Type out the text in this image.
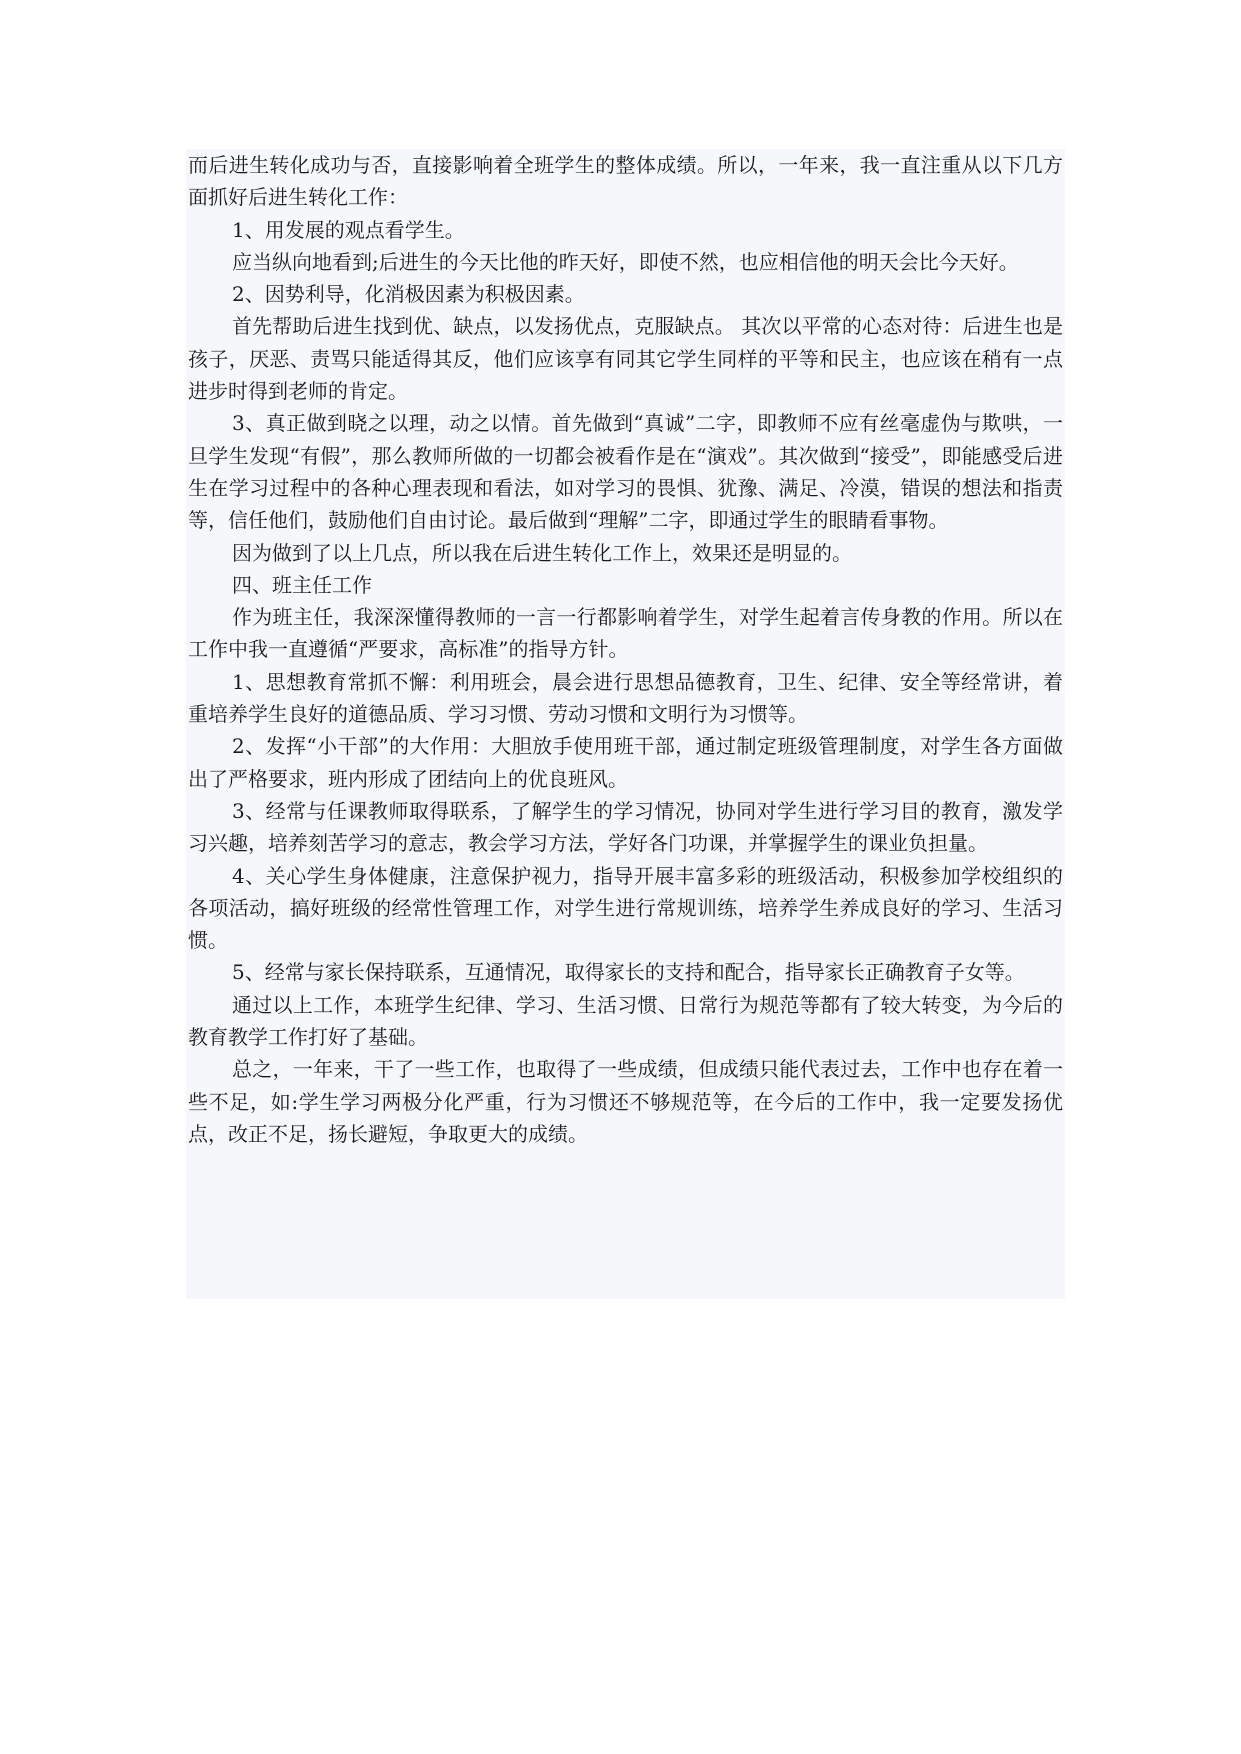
而后进生转化成功与否，直接影响着全班学生的整体成绩。所以，一年来，我一直注重从以下几方面抓好后进生转化工作：

1、用发展的观点看学生。

应当纵向地看到;后进生的今天比他的昨天好，即使不然，也应相信他的明天会比今天好。

2、因势利导，化消极因素为积极因素。

首先帮助后进生找到优、缺点，以发扬优点，克服缺点。 其次以平常的心态对待：后进生也是孩子，厌恶、责骂只能适得其反，他们应该享有同其它学生同样的平等和民主，也应该在稍有一点进步时得到老师的肯定。

3、真正做到晓之以理，动之以情。首先做到“真诚”二字，即教师不应有丝毫虚伪与欺哄，一旦学生发现“有假”，那么教师所做的一切都会被看作是在“演戏”。其次做到“接受”，即能感受后进生在学习过程中的各种心理表现和看法，如对学习的畏惧、犹豫、满足、冷漠，错误的想法和指责等，信任他们，鼓励他们自由讨论。最后做到“理解”二字，即通过学生的眼睛看事物。

因为做到了以上几点，所以我在后进生转化工作上，效果还是明显的。

四、班主任工作

作为班主任，我深深懂得教师的一言一行都影响着学生，对学生起着言传身教的作用。所以在工作中我一直遵循“严要求，高标准”的指导方针。

1、思想教育常抓不懈：利用班会，晨会进行思想品德教育，卫生、纪律、安全等经常讲，着重培养学生良好的道德品质、学习习惯、劳动习惯和文明行为习惯等。

2、发挥“小干部”的大作用：大胆放手使用班干部，通过制定班级管理制度，对学生各方面做出了严格要求，班内形成了团结向上的优良班风。

3、经常与任课教师取得联系，了解学生的学习情况，协同对学生进行学习目的教育，激发学习兴趣，培养刻苦学习的意志，教会学习方法，学好各门功课，并掌握学生的课业负担量。

4、关心学生身体健康，注意保护视力，指导开展丰富多彩的班级活动，积极参加学校组织的各项活动，搞好班级的经常性管理工作，对学生进行常规训练，培养学生养成良好的学习、生活习惯。

5、经常与家长保持联系，互通情况，取得家长的支持和配合，指导家长正确教育子女等。

通过以上工作，本班学生纪律、学习、生活习惯、日常行为规范等都有了较大转变，为今后的教育教学工作打好了基础。

总之，一年来，干了一些工作，也取得了一些成绩，但成绩只能代表过去，工作中也存在着一些不足，如:学生学习两极分化严重，行为习惯还不够规范等，在今后的工作中，我一定要发扬优点，改正不足，扬长避短，争取更大的成绩。
